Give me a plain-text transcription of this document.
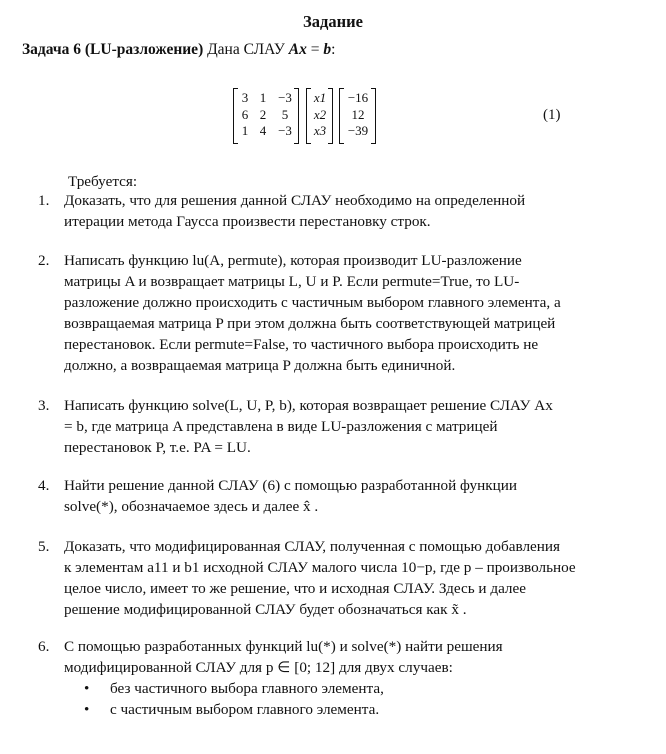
Задание
Задача 6 (LU-разложение) Дана СЛАУ Ax = b:
3
6
1
1
2
4
−3
5
−3
x1
x2
x3
−16
12
−39
(1)
Требуется:
1. Доказать, что для решения данной СЛАУ необходимо на определенной
итерации метода Гаусса произвести перестановку строк.
2. Написать функцию lu(A, permute), которая производит LU-разложение
матрицы A и возвращает матрицы L, U и P. Если permute=True, то LU-
разложение должно происходить с частичным выбором главного элемента, а
возвращаемая матрица P при этом должна быть соответствующей матрицей
перестановок. Если permute=False, то частичного выбора происходить не
должно, а возвращаемая матрица P должна быть единичной.
3. Написать функцию solve(L, U, P, b), которая возвращает решение СЛАУ Ax
= b, где матрица A представлена в виде LU-разложения с матрицей
перестановок P, т.е. PA = LU.
4. Найти решение данной СЛАУ (6) с помощью разработанной функции
solve(*), обозначаемое здесь и далее x̂ .
5. Доказать, что модифицированная СЛАУ, полученная с помощью добавления
к элементам a11 и b1 исходной СЛАУ малого числа 10−p, где p – произвольное
целое число, имеет то же решение, что и исходная СЛАУ. Здесь и далее
решение модифицированной СЛАУ будет обозначаться как x̃ .
6. С помощью разработанных функций lu(*) и solve(*) найти решения
модифицированной СЛАУ для p ∈ [0; 12] для двух случаев:
• без частичного выбора главного элемента,
• с частичным выбором главного элемента.
